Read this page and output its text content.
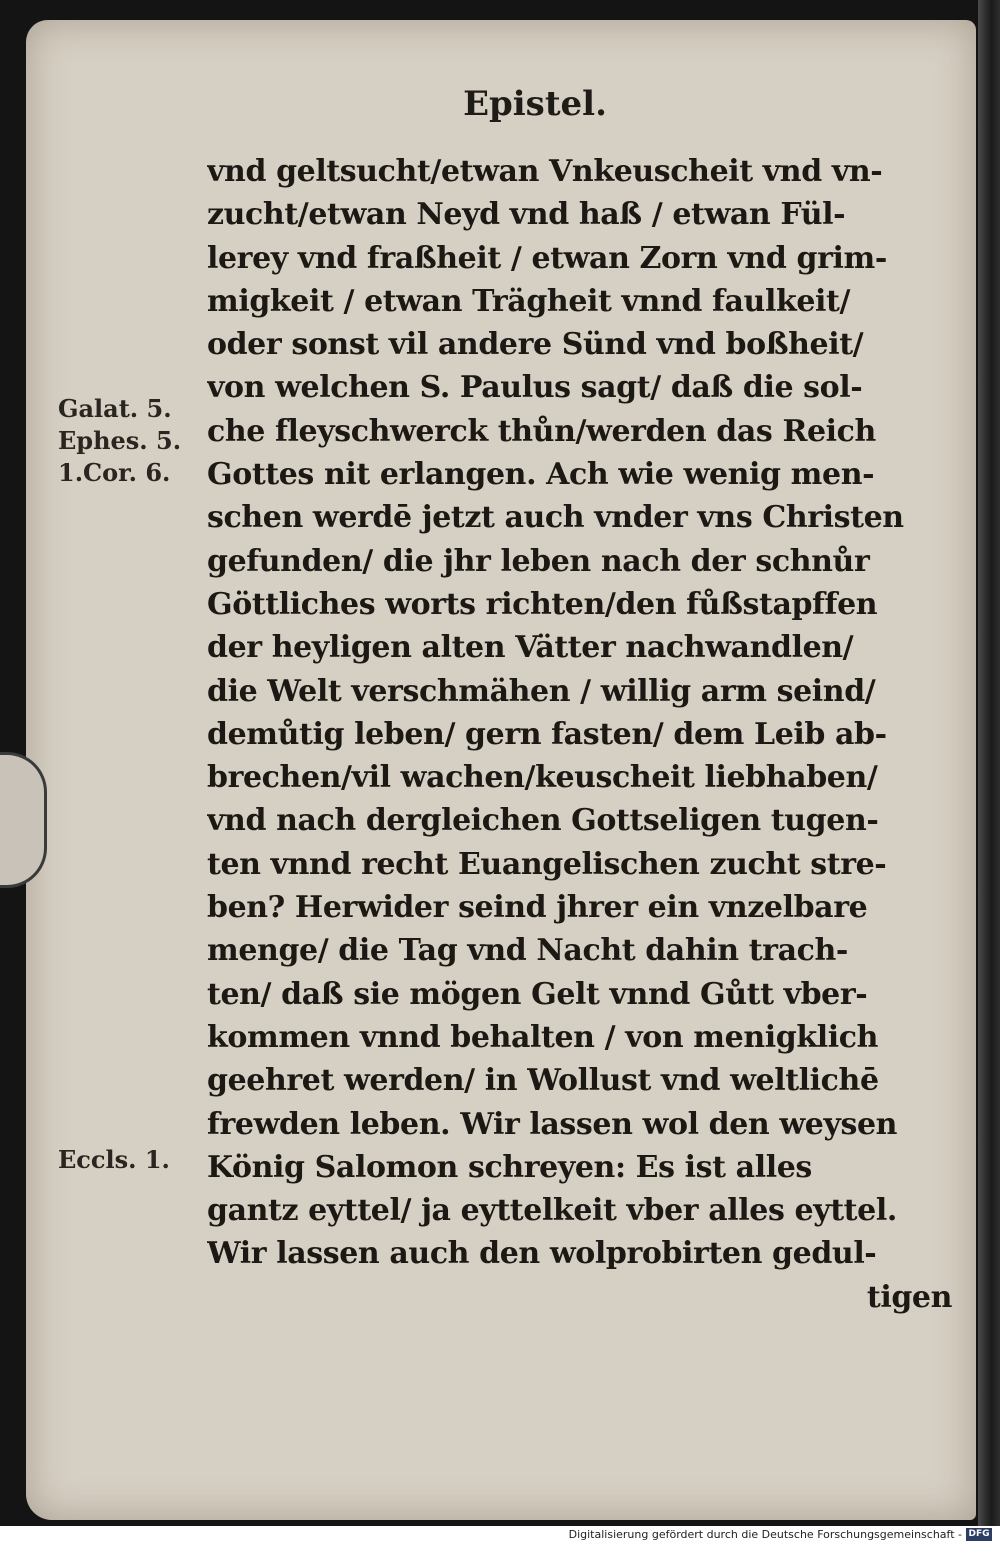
Epistel.
vnd geltsucht/etwan Vnkeuscheit vnd vn-
zucht/etwan Neyd vnd haß / etwan Fül-
lerey vnd fraßheit / etwan Zorn vnd grim-
migkeit / etwan Trägheit vnnd faulkeit/
oder sonst vil andere Sünd vnd boßheit/
von welchen S. Paulus sagt/ daß die sol-
che fleyschwerck thůn/werden das Reich
Gottes nit erlangen. Ach wie wenig men-
schen werdē jetzt auch vnder vns Christen
gefunden/ die jhr leben nach der schnůr
Göttliches worts richten/den fůßstapffen
der heyligen alten Vätter nachwandlen/
die Welt verschmähen / willig arm seind/
demůtig leben/ gern fasten/ dem Leib ab-
brechen/vil wachen/keuscheit liebhaben/
vnd nach dergleichen Gottseligen tugen-
ten vnnd recht Euangelischen zucht stre-
ben? Herwider seind jhrer ein vnzelbare
menge/ die Tag vnd Nacht dahin trach-
ten/ daß sie mögen Gelt vnnd Gůtt vber-
kommen vnnd behalten / von menigklich
geehret werden/ in Wollust vnd weltlichē
frewden leben. Wir lassen wol den weysen
König Salomon schreyen: Es ist alles
gantz eyttel/ ja eyttelkeit vber alles eyttel.
Wir lassen auch den wolprobirten gedul-
tigen
Galat. 5.
Ephes. 5.
1.Cor. 6.
Eccls. 1.
Digitalisierung gefördert durch die Deutsche Forschungsgemeinschaft - DFG
